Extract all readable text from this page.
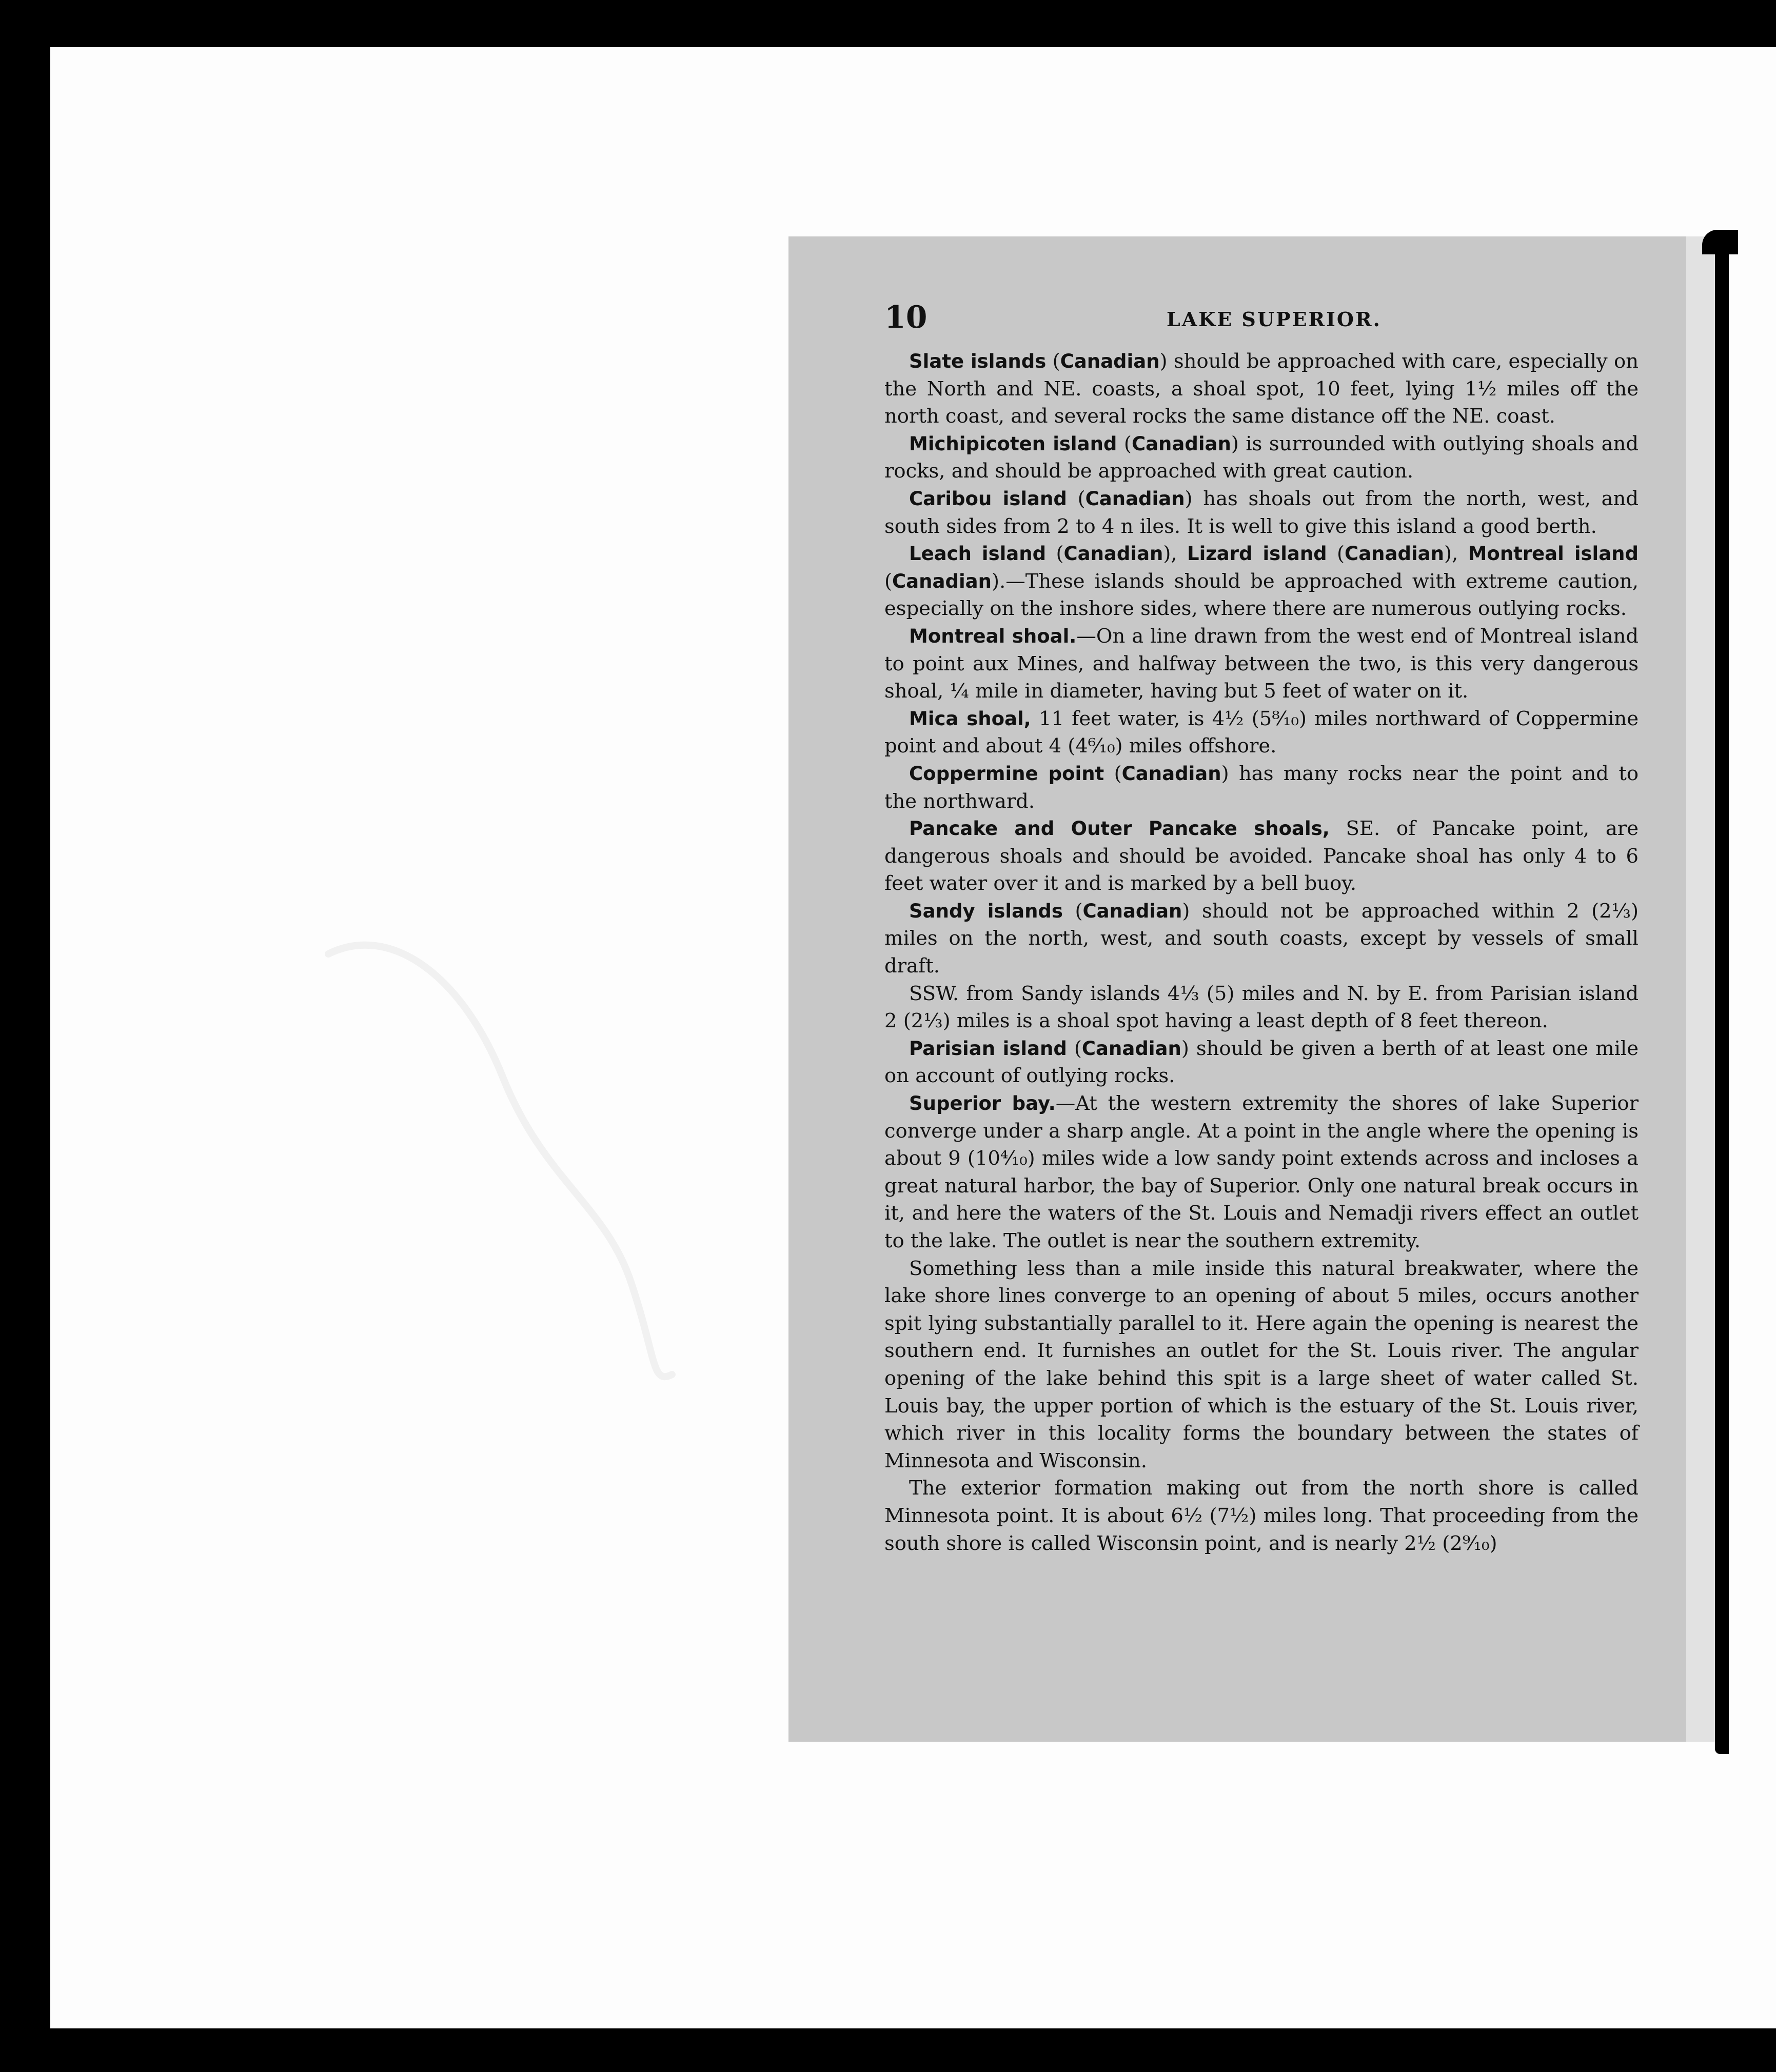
10	LAKE SUPERIOR.

Slate islands (Canadian) should be approached with care, especially on the North and NE. coasts, a shoal spot, 10 feet, lying 1½ miles off the north coast, and several rocks the same distance off the NE. coast.

Michipicoten island (Canadian) is surrounded with outlying shoals and rocks, and should be approached with great caution.

Caribou island (Canadian) has shoals out from the north, west, and south sides from 2 to 4 n iles. It is well to give this island a good berth.

Leach island (Canadian), Lizard island (Canadian), Montreal island (Canadian).—These islands should be approached with extreme caution, especially on the inshore sides, where there are numerous outlying rocks.

Montreal shoal.—On a line drawn from the west end of Montreal island to point aux Mines, and halfway between the two, is this very dangerous shoal, ¼ mile in diameter, having but 5 feet of water on it.

Mica shoal, 11 feet water, is 4½ (5⁸⁄₁₀) miles northward of Coppermine point and about 4 (4⁶⁄₁₀) miles offshore.

Coppermine point (Canadian) has many rocks near the point and to the northward.

Pancake and Outer Pancake shoals, SE. of Pancake point, are dangerous shoals and should be avoided. Pancake shoal has only 4 to 6 feet water over it and is marked by a bell buoy.

Sandy islands (Canadian) should not be approached within 2 (2⅓) miles on the north, west, and south coasts, except by vessels of small draft.

SSW. from Sandy islands 4⅓ (5) miles and N. by E. from Parisian island 2 (2⅓) miles is a shoal spot having a least depth of 8 feet thereon.

Parisian island (Canadian) should be given a berth of at least one mile on account of outlying rocks.

Superior bay.—At the western extremity the shores of lake Superior converge under a sharp angle. At a point in the angle where the opening is about 9 (10⁴⁄₁₀) miles wide a low sandy point extends across and incloses a great natural harbor, the bay of Superior. Only one natural break occurs in it, and here the waters of the St. Louis and Nemadji rivers effect an outlet to the lake. The outlet is near the southern extremity.

Something less than a mile inside this natural breakwater, where the lake shore lines converge to an opening of about 5 miles, occurs another spit lying substantially parallel to it. Here again the opening is nearest the southern end. It furnishes an outlet for the St. Louis river. The angular opening of the lake behind this spit is a large sheet of water called St. Louis bay, the upper portion of which is the estuary of the St. Louis river, which river in this locality forms the boundary between the states of Minnesota and Wisconsin.

The exterior formation making out from the north shore is called Minnesota point. It is about 6½ (7½) miles long. That proceeding from the south shore is called Wisconsin point, and is nearly 2½ (2⁹⁄₁₀)
